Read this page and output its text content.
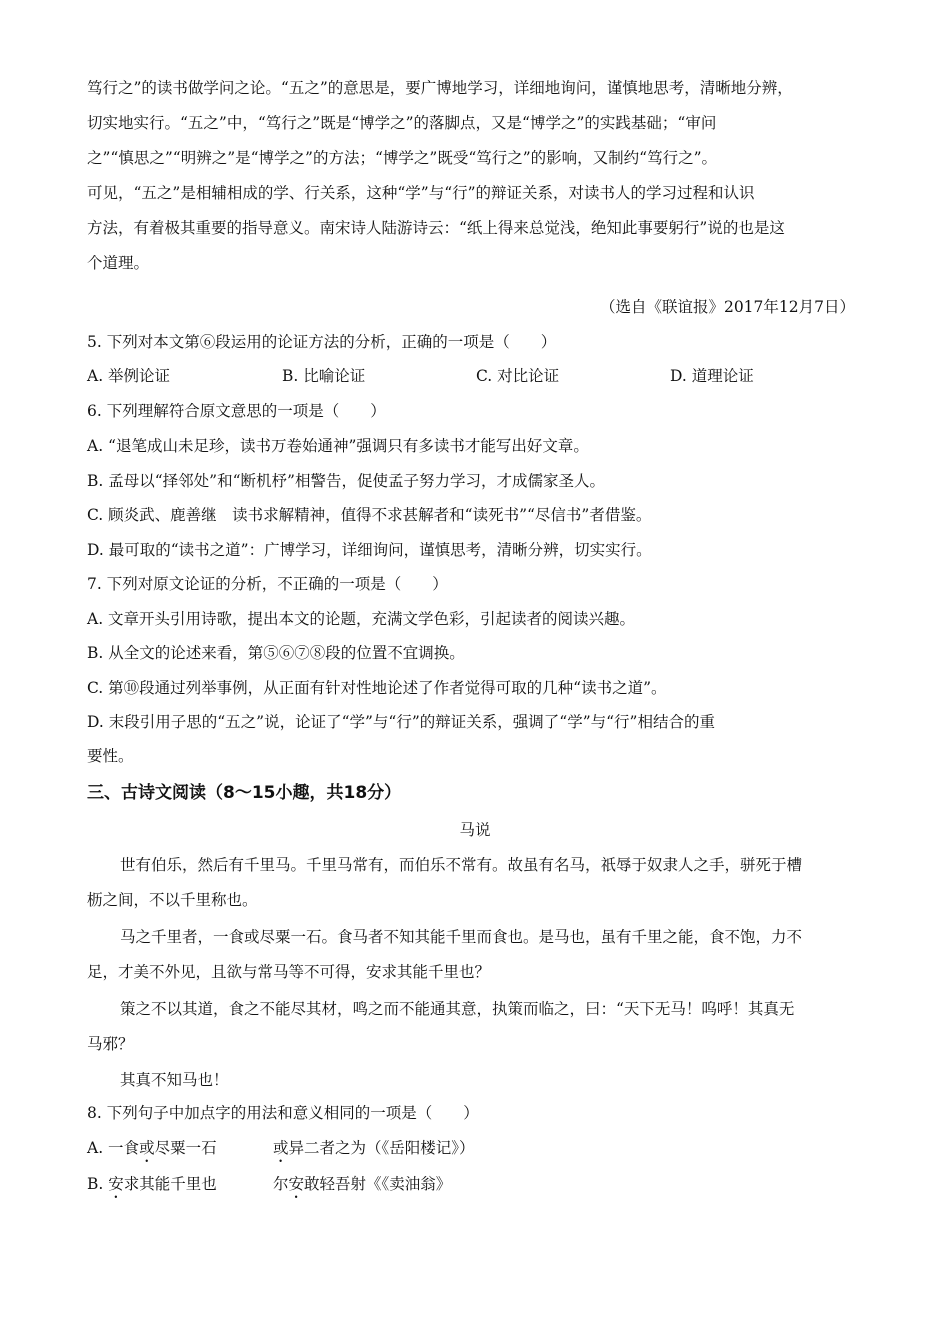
笃行之”的读书做学问之论。“五之”的意思是，要广博地学习，详细地询问，谨慎地思考，清晰地分辨，
切实地实行。“五之”中，“笃行之”既是“博学之”的落脚点，又是“博学之”的实践基础；“审问
之”“慎思之”“明辨之”是“博学之”的方法；“博学之”既受“笃行之”的影响，又制约“笃行之”。
可见，“五之”是相辅相成的学、行关系，这种“学”与“行”的辩证关系，对读书人的学习过程和认识
方法，有着极其重要的指导意义。南宋诗人陆游诗云：“纸上得来总觉浅，绝知此事要躬行”说的也是这
个道理。
（选自《联谊报》2017年12月7日）
5. 下列对本文第⑥段运用的论证方法的分析，正确的一项是（　　）
A. 举例论证	B. 比喻论证	C. 对比论证	D. 道理论证
6. 下列理解符合原文意思的一项是（　　）
A. “退笔成山未足珍，读书万卷始通神”强调只有多读书才能写出好文章。
B. 孟母以“择邻处”和“断机杼”相警告，促使孟子努力学习，才成儒家圣人。
C. 顾炎武、鹿善继　读书求解精神，值得不求甚解者和“读死书”“尽信书”者借鉴。
D. 最可取的“读书之道”：广博学习，详细询问，谨慎思考，清晰分辨，切实实行。
7. 下列对原文论证的分析，不正确的一项是（　　）
A. 文章开头引用诗歌，提出本文的论题，充满文学色彩，引起读者的阅读兴趣。
B. 从全文的论述来看，第⑤⑥⑦⑧段的位置不宜调换。
C. 第⑩段通过列举事例，从正面有针对性地论述了作者觉得可取的几种“读书之道”。
D. 末段引用子思的“五之”说，论证了“学”与“行”的辩证关系，强调了“学”与“行”相结合的重
要性。
三、古诗文阅读（8～15小趣，共18分）
马说
世有伯乐，然后有千里马。千里马常有，而伯乐不常有。故虽有名马，祇辱于奴隶人之手，骈死于槽
枥之间，不以千里称也。
马之千里者，一食或尽粟一石。食马者不知其能千里而食也。是马也，虽有千里之能，食不饱，力不
足，才美不外见，且欲与常马等不可得，安求其能千里也？
策之不以其道，食之不能尽其材，鸣之而不能通其意，执策而临之，曰：“天下无马！呜呼！其真无
马邪？
其真不知马也！
8. 下列句子中加点字的用法和意义相同的一项是（　　）
A. 一食或尽粟一石	或异二者之为（《岳阳楼记》）
B. 安求其能千里也	尔安敢轻吾射《《卖油翁》
